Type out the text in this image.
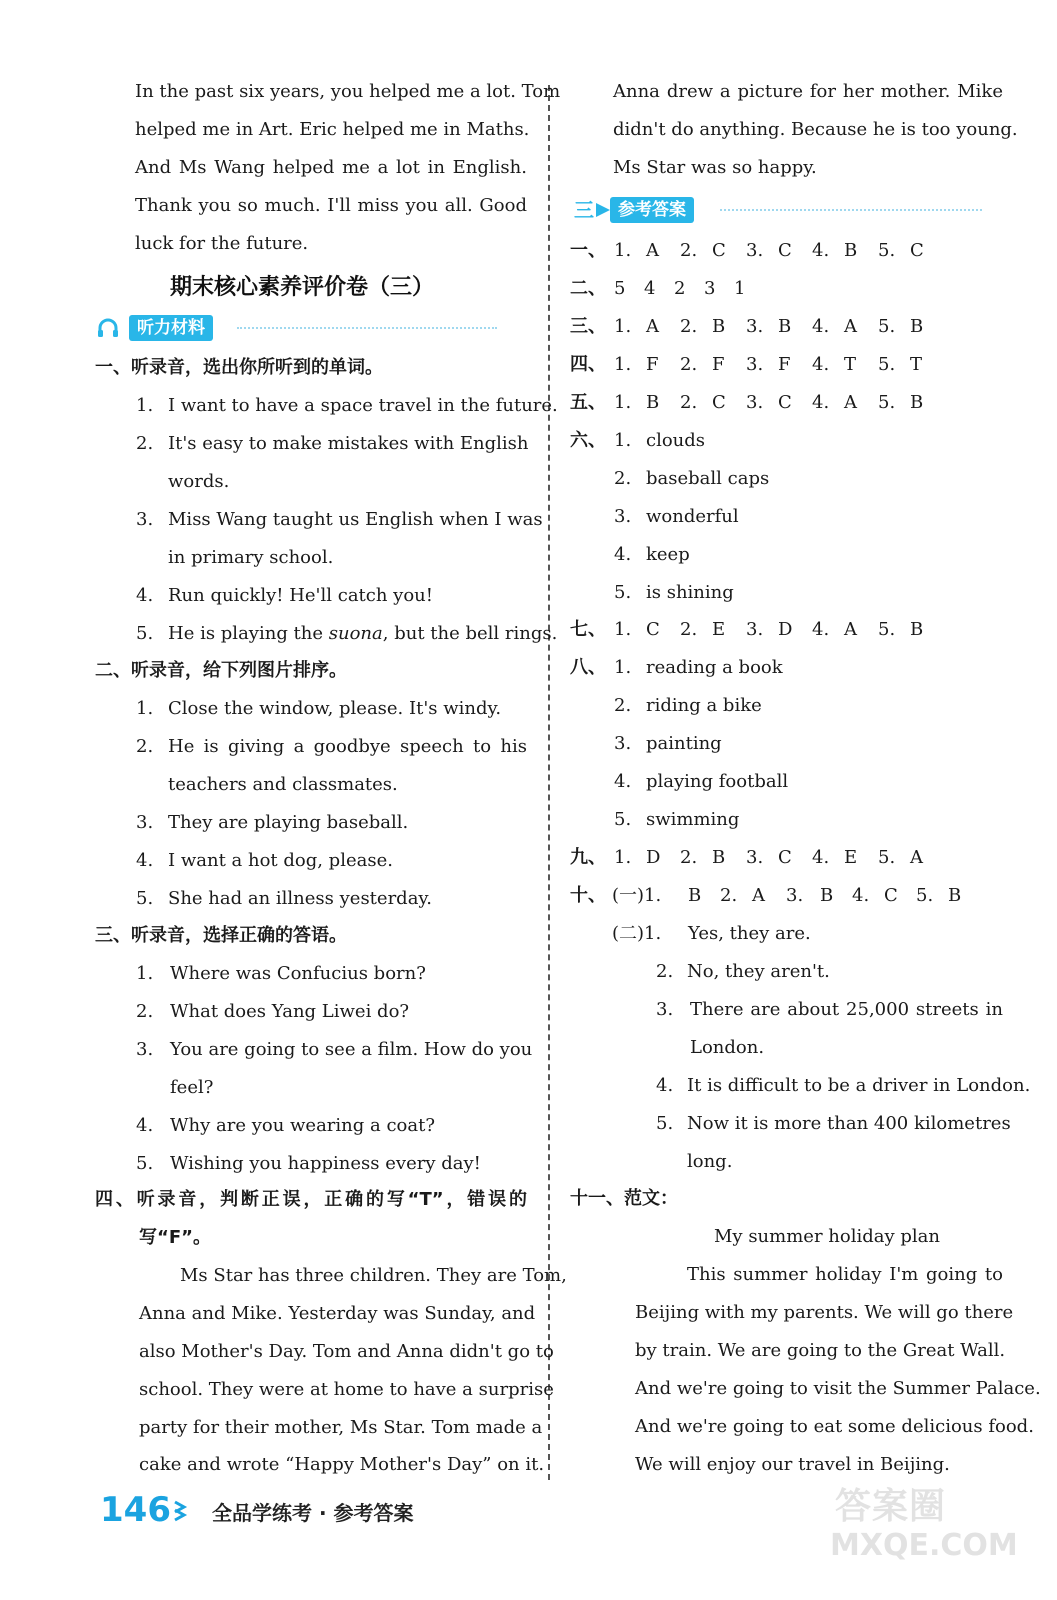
In the past six years, you helped me a lot. Tom
helped me in Art. Eric helped me in Maths.
And Ms Wang helped me a lot in English.
Thank you so much. I'll miss you all. Good
luck for the future.
期末核心素养评价卷（三）
听力材料
一、听录音，选出你所听到的单词。
1. I want to have a space travel in the future.
2. It's easy to make mistakes with English
words.
3. Miss Wang taught us English when I was
in primary school.
4. Run quickly! He'll catch you!
5. He is playing the suona, but the bell rings.
二、听录音，给下列图片排序。
1. Close the window, please. It's windy.
2. He is giving a goodbye speech to his
teachers and classmates.
3. They are playing baseball.
4. I want a hot dog, please.
5. She had an illness yesterday.
三、听录音，选择正确的答语。
1. Where was Confucius born?
2. What does Yang Liwei do?
3. You are going to see a film. How do you
feel?
4. Why are you wearing a coat?
5. Wishing you happiness every day!
四、听录音，判断正误，正确的写“T”，错误的
写“F”。
Ms Star has three children. They are Tom,
Anna and Mike. Yesterday was Sunday, and
also Mother's Day. Tom and Anna didn't go to
school. They were at home to have a surprise
party for their mother, Ms Star. Tom made a
cake and wrote “Happy Mother's Day” on it.
Anna drew a picture for her mother. Mike
didn't do anything. Because he is too young.
Ms Star was so happy.
三	参考答案
一、 1. A 2. C 3. C 4. B 5. C
二、 5 4 2 3 1
三、 1. A 2. B 3. B 4. A 5. B
四、 1. F 2. F 3. F 4. T 5. T
五、 1. B 2. C 3. C 4. A 5. B
六、 1. clouds
2. baseball caps
3. wonderful
4. keep
5. is shining
七、 1. C 2. E 3. D 4. A 5. B
八、 1. reading a book
2. riding a bike
3. painting
4. playing football
5. swimming
九、 1. D 2. B 3. C 4. E 5. A
十、 (一)1. B 2. A 3. B 4. C 5. B
(二)1. Yes, they are.
2. No, they aren't.
3. There are about 25,000 streets in
London.
4. It is difficult to be a driver in London.
5. Now it is more than 400 kilometres
long.
十一、范文：
My summer holiday plan
This summer holiday I'm going to
Beijing with my parents. We will go there
by train. We are going to the Great Wall.
And we're going to visit the Summer Palace.
And we're going to eat some delicious food.
We will enjoy our travel in Beijing.
146 全品学练考 · 参考答案	答案圈
MXQE.COM
